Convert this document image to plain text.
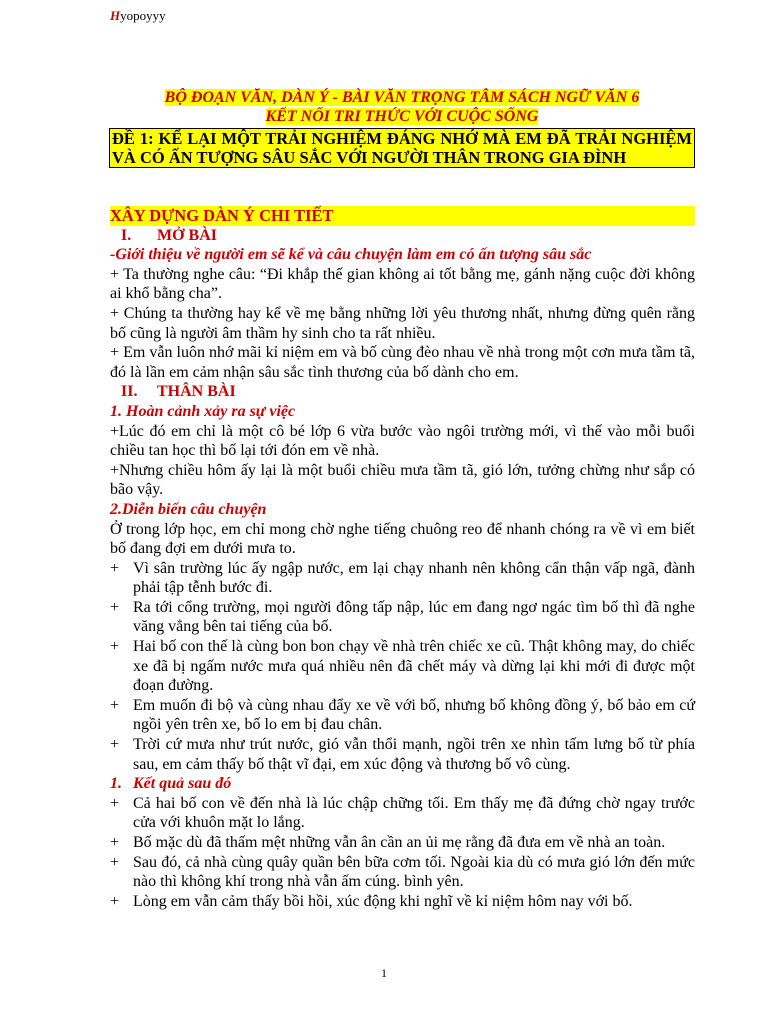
Hyopoyyy
BỘ ĐOẠN VĂN, DÀN Ý - BÀI VĂN TRỌNG TÂM SÁCH NGỮ VĂN 6
KẾT NỐI TRI THỨC VỚI CUỘC SỐNG
ĐỀ 1: KỂ LẠI MỘT TRẢI NGHIỆM ĐÁNG NHỚ MÀ EM ĐÃ TRẢI NGHIỆM VÀ CÓ ẤN TƯỢNG SÂU SẮC VỚI NGƯỜI THÂN TRONG GIA ĐÌNH

XÂY DỰNG DÀN Ý CHI TIẾT

I. MỞ BÀI

-Giới thiệu về người em sẽ kể và câu chuyện làm em có ấn tượng sâu sắc

+ Ta thường nghe câu: “Đi khắp thế gian không ai tốt bằng mẹ, gánh nặng cuộc đời không ai khổ bằng cha”.

+ Chúng ta thường hay kể về mẹ bằng những lời yêu thương nhất, nhưng đừng quên rằng bố cũng là người âm thầm hy sinh cho ta rất nhiều.

+ Em vẫn luôn nhớ mãi kỉ niệm em và bố cùng đèo nhau về nhà trong một cơn mưa tầm tã, đó là lần em cảm nhận sâu sắc tình thương của bố dành cho em.

II. THÂN BÀI

1. Hoàn cảnh xảy ra sự việc

+Lúc đó em chỉ là một cô bé lớp 6 vừa bước vào ngôi trường mới, vì thế vào mỗi buổi chiều tan học thì bố lại tới đón em về nhà.

+Nhưng chiều hôm ấy lại là một buổi chiều mưa tầm tã, gió lớn, tưởng chừng như sắp có bão vậy.

2.Diễn biến câu chuyện

Ở trong lớp học, em chỉ mong chờ nghe tiếng chuông reo để nhanh chóng ra về vì em biết bố đang đợi em dưới mưa to.

+ Vì sân trường lúc ấy ngập nước, em lại chạy nhanh nên không cẩn thận vấp ngã, đành phải tập tễnh bước đi.
+ Ra tới cổng trường, mọi người đông tấp nập, lúc em đang ngơ ngác tìm bố thì đã nghe văng vẳng bên tai tiếng của bố.
+ Hai bố con thế là cùng bon bon chạy về nhà trên chiếc xe cũ. Thật không may, do chiếc xe đã bị ngấm nước mưa quá nhiều nên đã chết máy và dừng lại khi mới đi được một đoạn đường.
+ Em muốn đi bộ và cùng nhau đẩy xe về với bố, nhưng bố không đồng ý, bố bảo em cứ ngồi yên trên xe, bố lo em bị đau chân.
+ Trời cứ mưa như trút nước, gió vẫn thổi mạnh, ngồi trên xe nhìn tấm lưng bố từ phía sau, em cảm thấy bố thật vĩ đại, em xúc động và thương bố vô cùng.
1. Kết quả sau đó
+ Cả hai bố con về đến nhà là lúc chập chững tối. Em thấy mẹ đã đứng chờ ngay trước cửa với khuôn mặt lo lắng.
+ Bố mặc dù đã thấm mệt những vẫn ân cần an ủi mẹ rằng đã đưa em về nhà an toàn.
+ Sau đó, cả nhà cùng quây quần bên bữa cơm tối. Ngoài kia dù có mưa gió lớn đến mức nào thì không khí trong nhà vẫn ấm cúng. bình yên.
+ Lòng em vẫn cảm thấy bồi hồi, xúc động khi nghĩ về kỉ niệm hôm nay với bố.
1
